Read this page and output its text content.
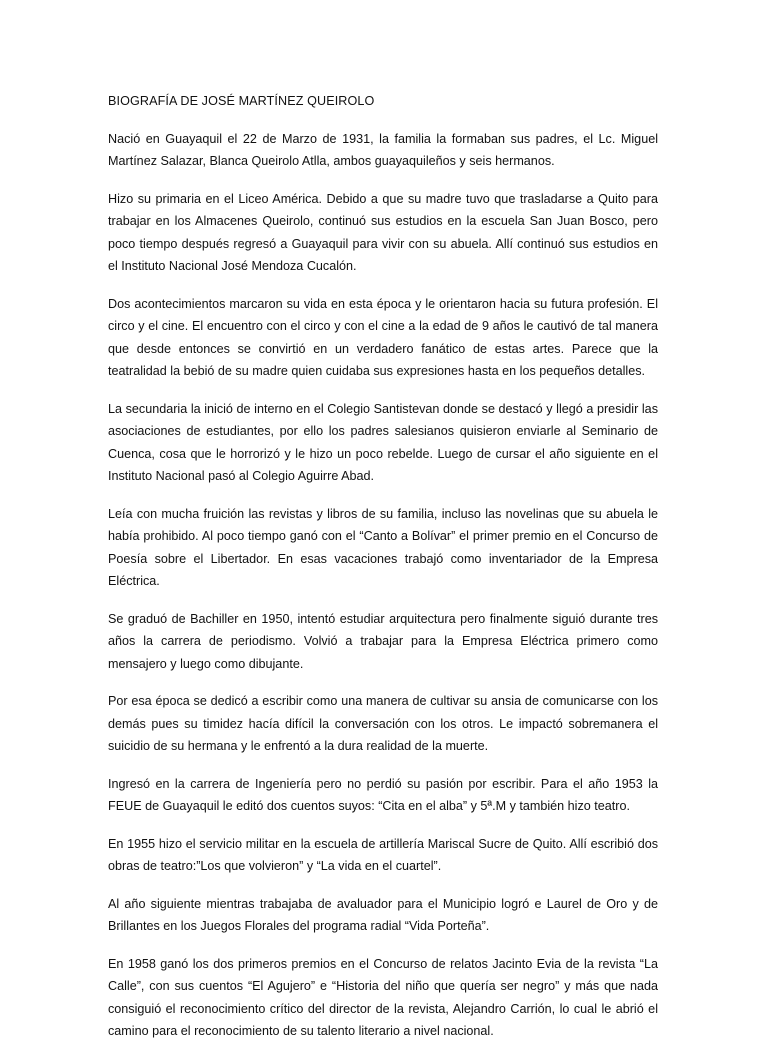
BIOGRAFÍA DE JOSÉ MARTÍNEZ QUEIROLO

Nació en Guayaquil el 22 de Marzo de 1931, la familia la formaban sus padres, el Lc. Miguel Martínez Salazar, Blanca Queirolo Atlla, ambos guayaquileños y seis hermanos.

Hizo su primaria en el Liceo América. Debido a que su madre tuvo que trasladarse a Quito para trabajar en los Almacenes Queirolo, continuó sus estudios en la escuela San Juan Bosco, pero poco tiempo después regresó a Guayaquil para vivir con su abuela. Allí continuó sus estudios en el Instituto Nacional José Mendoza Cucalón.

Dos acontecimientos marcaron su vida en esta época y le orientaron hacia su futura profesión. El circo y el cine. El encuentro con el circo y con el cine a la edad de 9 años le cautivó de tal manera que desde entonces se convirtió en un verdadero fanático de estas artes. Parece que la teatralidad la bebió de su madre quien cuidaba sus expresiones hasta en los pequeños detalles.

La secundaria la inició de interno en el Colegio Santistevan donde se destacó y llegó a presidir las asociaciones de estudiantes, por ello los padres salesianos quisieron enviarle al Seminario de Cuenca, cosa que le horrorizó y le hizo un poco rebelde. Luego de cursar el año siguiente en el Instituto Nacional pasó al Colegio Aguirre Abad.

Leía con mucha fruición las revistas y libros de su familia, incluso las novelinas que su abuela le había prohibido. Al poco tiempo ganó con el “Canto a Bolívar” el primer premio en el Concurso de Poesía sobre el Libertador. En esas vacaciones trabajó como inventariador de la Empresa Eléctrica.

Se graduó de Bachiller en 1950, intentó estudiar arquitectura pero finalmente siguió durante tres años la carrera de periodismo. Volvió a trabajar para la Empresa Eléctrica primero como mensajero y luego como dibujante.

Por esa época se dedicó a escribir como una manera de cultivar su ansia de comunicarse con los demás pues su timidez hacía difícil la conversación con los otros. Le impactó sobremanera el suicidio de su hermana y le enfrentó a la dura realidad de la muerte.

Ingresó en la carrera de Ingeniería pero no perdió su pasión por escribir. Para el año 1953 la FEUE de Guayaquil le editó dos cuentos suyos: “Cita en el alba” y 5ª.M y también hizo teatro.

En 1955 hizo el servicio militar en la escuela de artillería Mariscal Sucre de Quito. Allí escribió dos obras de teatro:”Los que volvieron” y “La vida en el cuartel”.

Al año siguiente mientras trabajaba de avaluador para el Municipio logró e Laurel de Oro y de Brillantes en los Juegos Florales del programa radial “Vida Porteña”.

En 1958 ganó los dos primeros premios en el Concurso de relatos Jacinto Evia de la revista “La Calle”, con sus cuentos “El Agujero” e “Historia del niño que quería ser negro” y más que nada consiguió el reconocimiento crítico del director de la revista, Alejandro Carrión, lo cual le abrió el camino para el reconocimiento de su talento literario a nivel nacional.
